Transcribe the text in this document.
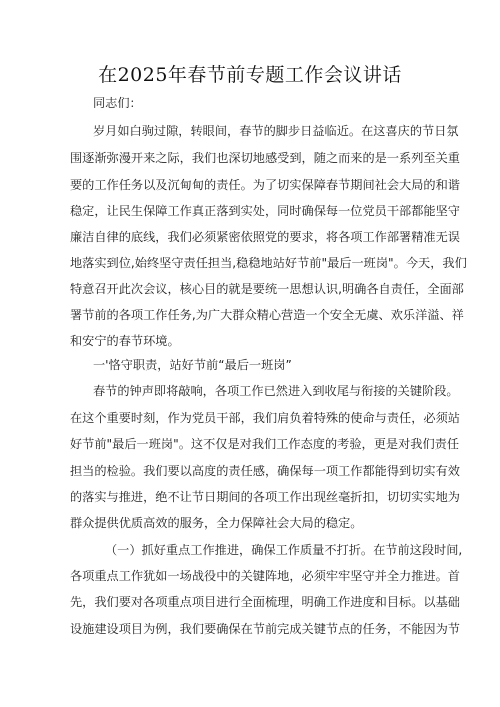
在2025年春节前专题工作会议讲话
同志们：
岁月如白驹过隙，转眼间，春节的脚步日益临近。在这喜庆的节日氛
围逐渐弥漫开来之际，我们也深切地感受到，随之而来的是一系列至关重
要的工作任务以及沉甸甸的责任。为了切实保障春节期间社会大局的和谐
稳定，让民生保障工作真正落到实处，同时确保每一位党员干部都能坚守
廉洁自律的底线，我们必须紧密依照党的要求，将各项工作部署精准无误
地落实到位,始终坚守责任担当,稳稳地站好节前"最后一班岗"。今天，我们
特意召开此次会议，核心目的就是要统一思想认识,明确各自责任，全面部
署节前的各项工作任务,为广大群众精心营造一个安全无虞、欢乐洋溢、祥
和安宁的春节环境。
一'恪守职责，站好节前“最后一班岗”
春节的钟声即将敲响，各项工作已然进入到收尾与衔接的关键阶段。
在这个重要时刻，作为党员干部，我们肩负着特殊的使命与责任，必须站
好节前"最后一班岗"。这不仅是对我们工作态度的考验，更是对我们责任
担当的检验。我们要以高度的责任感，确保每一项工作都能得到切实有效
的落实与推进，绝不让节日期间的各项工作出现丝毫折扣，切切实实地为
群众提供优质高效的服务，全力保障社会大局的稳定。
（一）抓好重点工作推进，确保工作质量不打折。在节前这段时间,
各项重点工作犹如一场战役中的关键阵地，必须牢牢坚守并全力推进。首
先，我们要对各项重点项目进行全面梳理，明确工作进度和目标。以基础
设施建设项目为例，我们要确保在节前完成关键节点的任务，不能因为节
